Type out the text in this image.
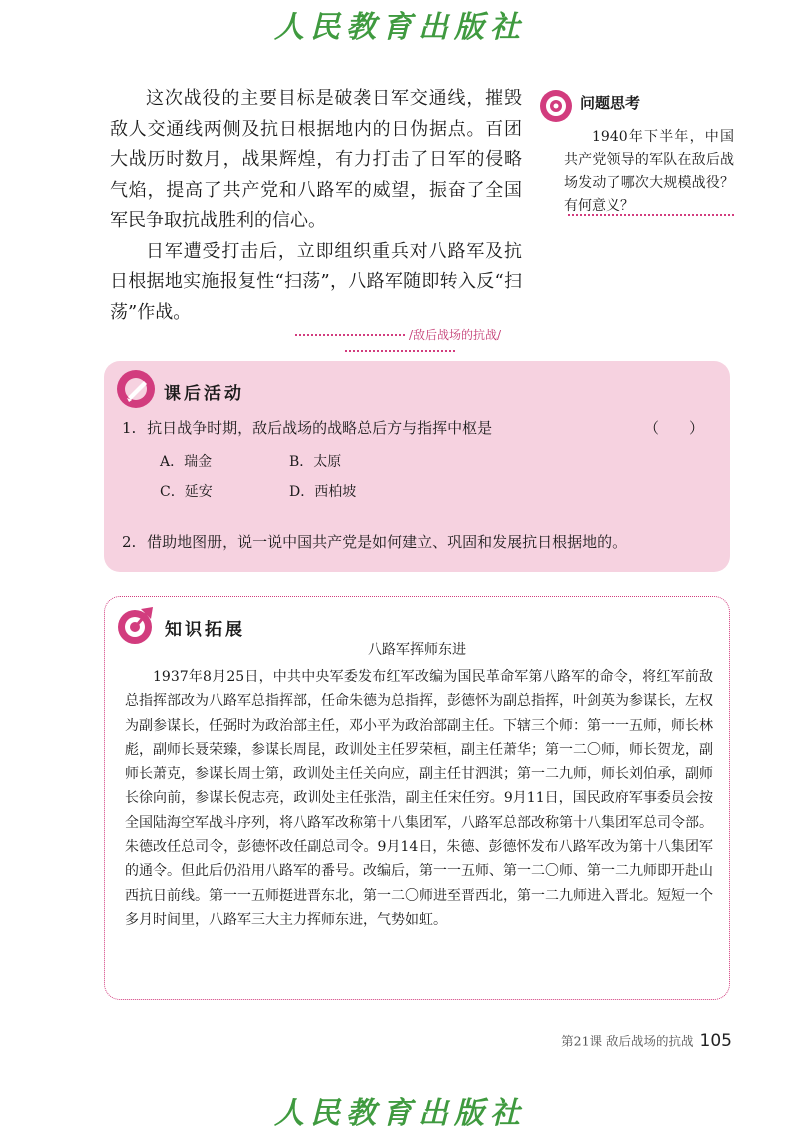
人民教育出版社

这次战役的主要目标是破袭日军交通线，摧毁敌人交通线两侧及抗日根据地内的日伪据点。百团大战历时数月，战果辉煌，有力打击了日军的侵略气焰，提高了共产党和八路军的威望，振奋了全国军民争取抗战胜利的信心。

日军遭受打击后，立即组织重兵对八路军及抗日根据地实施报复性“扫荡”，八路军随即转入反“扫荡”作战。

问题思考
1940年下半年，中国共产党领导的军队在敌后战场发动了哪次大规模战役？有何意义？
/敌后战场的抗战/
课后活动
1. 抗日战争时期，敌后战场的战略总后方与指挥中枢是	（　　）
A．瑞金	B．太原
C．延安	D．西柏坡
2. 借助地图册，说一说中国共产党是如何建立、巩固和发展抗日根据地的。
知识拓展
八路军挥师东进

1937年8月25日，中共中央军委发布红军改编为国民革命军第八路军的命令，将红军前敌总指挥部改为八路军总指挥部，任命朱德为总指挥，彭德怀为副总指挥，叶剑英为参谋长，左权为副参谋长，任弼时为政治部主任，邓小平为政治部副主任。下辖三个师：第一一五师，师长林彪，副师长聂荣臻，参谋长周昆，政训处主任罗荣桓，副主任萧华；第一二〇师，师长贺龙，副师长萧克，参谋长周士第，政训处主任关向应，副主任甘泗淇；第一二九师，师长刘伯承，副师长徐向前，参谋长倪志亮，政训处主任张浩，副主任宋任穷。9月11日，国民政府军事委员会按全国陆海空军战斗序列，将八路军改称第十八集团军，八路军总部改称第十八集团军总司令部。朱德改任总司令，彭德怀改任副总司令。9月14日，朱德、彭德怀发布八路军改为第十八集团军的通令。但此后仍沿用八路军的番号。改编后，第一一五师、第一二〇师、第一二九师即开赴山西抗日前线。第一一五师挺进晋东北，第一二〇师进至晋西北，第一二九师进入晋北。短短一个多月时间里，八路军三大主力挥师东进，气势如虹。

第21课 敌后战场的抗战 105
人民教育出版社
